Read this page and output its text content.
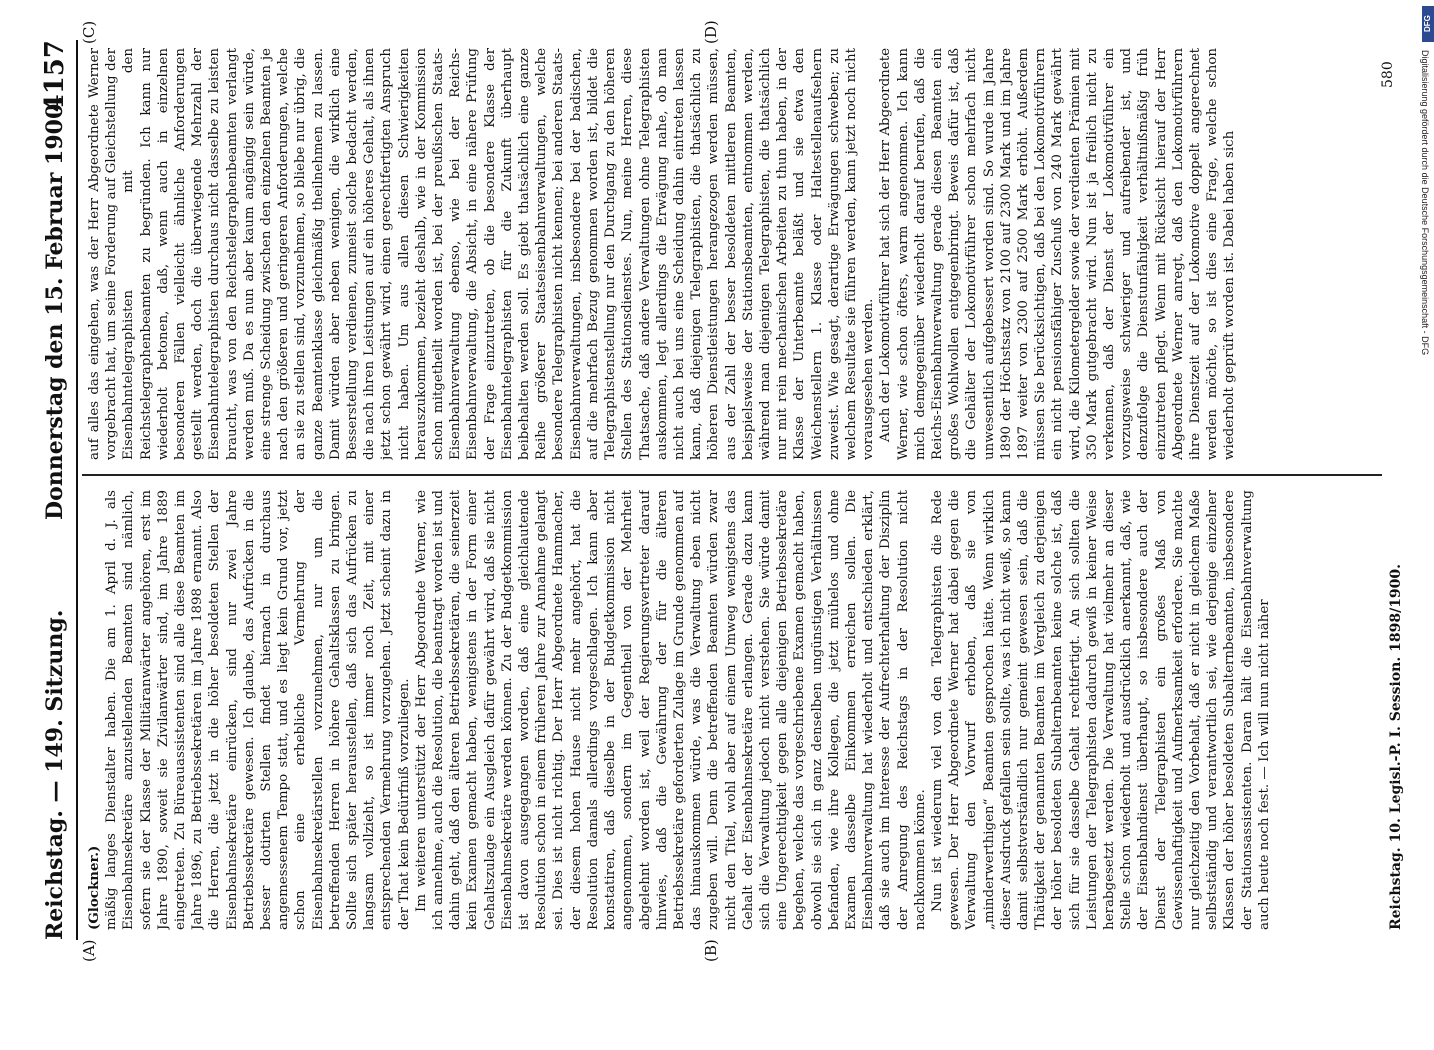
Reichstag. — 149. Sitzung.
Donnerstag den 15. Februar 1900.
4157
(A)	(B)
(C)	(D)

(Glockner.) mäßig langes Dienstalter haben. Die am 1. April d. J. als Eisenbahnsekretäre anzustellenden Beamten sind nämlich, sofern sie der Klasse der Militäranwärter angehören, erst im Jahre 1890, soweit sie Zivilanwärter sind, im Jahre 1889 eingetreten. Zu Büreauassistenten sind alle diese Beamten im Jahre 1896, zu Betriebssekretären im Jahre 1898 ernannt. Also die Herren, die jetzt in die höher besoldeten Stellen der Eisenbahnsekretäre einrücken, sind nur zwei Jahre Betriebssekretäre gewesen. Ich glaube, das Aufrücken in die besser dotirten Stellen findet hiernach in durchaus angemessenem Tempo statt, und es liegt kein Grund vor, jetzt schon eine erhebliche Vermehrung der Eisenbahnsekretärstellen vorzunehmen, nur um die betreffenden Herren in höhere Gehaltsklassen zu bringen. Sollte sich später herausstellen, daß sich das Aufrücken zu langsam vollzieht, so ist immer noch Zeit, mit einer entsprechenden Vermehrung vorzugehen. Jetzt scheint dazu in der That kein Bedürfniß vorzuliegen. Im weiteren unterstützt der Herr Abgeordnete Werner, wie ich annehme, auch die Resolution, die beantragt worden ist und dahin geht, daß den älteren Betriebssekretären, die seinerzeit kein Examen gemacht haben, wenigstens in der Form einer Gehaltszulage ein Ausgleich dafür gewährt wird, daß sie nicht Eisenbahnsekretäre werden können. Zu der Budgetkommission ist davon ausgegangen worden, daß eine gleichlautende Resolution schon in einem früheren Jahre zur Annahme gelangt sei. Dies ist nicht richtig. Der Herr Abgeordnete Hammacher, der diesem hohen Hause nicht mehr angehört, hat die Resolution damals allerdings vorgeschlagen. Ich kann aber konstatiren, daß dieselbe in der Budgetkommission nicht angenommen, sondern im Gegentheil von der Mehrheit abgelehnt worden ist, weil der Regierungsvertreter darauf hinwies, daß die Gewährung der für die älteren Betriebssekretäre geforderten Zulage im Grunde genommen auf das hinauskommen würde, was die Verwaltung eben nicht zugeben will. Denn die betreffenden Beamten würden zwar nicht den Titel, wohl aber auf einem Umweg wenigstens das Gehalt der Eisenbahnsekretäre erlangen. Gerade dazu kann sich die Verwaltung jedoch nicht verstehen. Sie würde damit eine Ungerechtigkeit gegen alle diejenigen Betriebssekretäre begehen, welche das vorgeschriebene Examen gemacht haben, obwohl sie sich in ganz denselben ungünstigen Verhältnissen befanden, wie ihre Kollegen, die jetzt mühelos und ohne Examen dasselbe Einkommen erreichen sollen. Die Eisenbahnverwaltung hat wiederholt und entschieden erklärt, daß sie auch im Interesse der Aufrechterhaltung der Disziplin der Anregung des Reichstags in der Resolution nicht nachkommen könne. Nun ist wiederum viel von den Telegraphisten die Rede gewesen. Der Herr Abgeordnete Werner hat dabei gegen die Verwaltung den Vorwurf erhoben, daß sie von „minderwerthigen“ Beamten gesprochen hätte. Wenn wirklich dieser Ausdruck gefallen sein sollte, was ich nicht weiß, so kann damit selbstverständlich nur gemeint gewesen sein, daß die Thätigkeit der genannten Beamten im Vergleich zu derjenigen der höher besoldeten Subalternbeamten keine solche ist, daß sich für sie dasselbe Gehalt rechtfertigt. An sich sollten die Leistungen der Telegraphisten dadurch gewiß in keiner Weise herabgesetzt werden. Die Verwaltung hat vielmehr an dieser Stelle schon wiederholt und ausdrücklich anerkannt, daß, wie der Eisenbahndienst überhaupt, so insbesondere auch der Dienst der Telegraphisten ein großes Maß von Gewissenhaftigkeit und Aufmerksamkeit erfordere. Sie machte nur gleichzeitig den Vorbehalt, daß er nicht in gleichem Maße selbstständig und verantwortlich sei, wie derjenige einzelner Klassen der höher besoldeten Subalternbeamten, insbesondere der Stationsassistenten. Daran hält die Eisenbahnverwaltung auch heute noch fest. — Ich will nun nicht näher

auf alles das eingehen, was der Herr Abgeordnete Werner vorgebracht hat, um seine Forderung auf Gleichstellung der Eisenbahntelegraphisten mit den Reichstelegraphenbeamten zu begründen. Ich kann nur wiederholt betonen, daß, wenn auch in einzelnen besonderen Fällen vielleicht ähnliche Anforderungen gestellt werden, doch die überwiegende Mehrzahl der Eisenbahntelegraphisten durchaus nicht dasselbe zu leisten braucht, was von den Reichstelegraphenbeamten verlangt werden muß. Da es nun aber kaum angängig sein würde, eine strenge Scheidung zwischen den einzelnen Beamten je nach den größeren und geringeren Anforderungen, welche an sie zu stellen sind, vorzunehmen, so bliebe nur übrig, die ganze Beamtenklasse gleichmäßig theilnehmen zu lassen. Damit würden aber neben wenigen, die wirklich eine Besserstellung verdienen, zumeist solche bedacht werden, die nach ihren Leistungen auf ein höheres Gehalt, als ihnen jetzt schon gewährt wird, einen gerechtfertigten Anspruch nicht haben. Um aus allen diesen Schwierigkeiten herauszukommen, bezieht deshalb, wie in der Kommission schon mitgetheilt worden ist, bei der preußischen Staats-Eisenbahnverwaltung ebenso, wie bei der Reichs-Eisenbahnverwaltung, die Absicht, in eine nähere Prüfung der Frage einzutreten, ob die besondere Klasse der Eisenbahntelegraphisten für die Zukunft überhaupt beibehalten werden soll. Es giebt thatsächlich eine ganze Reihe größerer Staatseisenbahnverwaltungen, welche besondere Telegraphisten nicht kennen; bei anderen Staats-Eisenbahnverwaltungen, insbesondere bei der badischen, auf die mehrfach Bezug genommen worden ist, bildet die Telegraphistenstellung nur den Durchgang zu den höheren Stellen des Stationsdienstes. Nun, meine Herren, diese Thatsache, daß andere Verwaltungen ohne Telegraphisten auskommen, legt allerdings die Erwägung nahe, ob man nicht auch bei uns eine Scheidung dahin eintreten lassen kann, daß diejenigen Telegraphisten, die thatsächlich zu höheren Dienstleistungen herangezogen werden müssen, aus der Zahl der besser besoldeten mittleren Beamten, beispielsweise der Stationsbeamten, entnommen werden, während man diejenigen Telegraphisten, die thatsächlich nur mit rein mechanischen Arbeiten zu thun haben, in der Klasse der Unterbeamte beläßt und sie etwa den Weichenstellern 1. Klasse oder Haltestellenaufsehern zuweist. Wie gesagt, derartige Erwägungen schweben; zu welchem Resultate sie führen werden, kann jetzt noch nicht vorausgesehen werden. Auch der Lokomotivführer hat sich der Herr Abgeordnete Werner, wie schon öfters, warm angenommen. Ich kann mich demgegenüber wiederholt darauf berufen, daß die Reichs-Eisenbahnverwaltung gerade diesen Beamten ein großes Wohlwollen entgegenbringt. Beweis dafür ist, daß die Gehälter der Lokomotivführer schon mehrfach nicht unwesentlich aufgebessert worden sind. So wurde im Jahre 1890 der Höchstsatz von 2100 auf 2300 Mark und im Jahre 1897 weiter von 2300 auf 2500 Mark erhöht. Außerdem müssen Sie berücksichtigen, daß bei den Lokomotivführern ein nicht pensionsfähiger Zuschuß von 240 Mark gewährt wird, die Kilometergelder sowie der verdienten Prämien mit 350 Mark gutgebracht wird. Nun ist ja freilich nicht zu verkennen, daß der Dienst der Lokomotivführer ein vorzugsweise schwieriger und aufreibender ist, und denzufolge die Dienstunfähigkeit verhältnißmäßig früh einzutreten pflegt. Wenn mit Rücksicht hierauf der Herr Abgeordnete Werner anregt, daß den Lokomotivführern ihre Dienstzeit auf der Lokomotive doppelt angerechnet werden möchte, so ist dies eine Frage, welche schon wiederholt geprüft worden ist. Dabei haben sich

Reichstag. 10. Legisl.-P. I. Session. 1898/1900.
580
DFG
Digitalisierung gefördert durch die Deutsche Forschungsgemeinschaft - DFG
